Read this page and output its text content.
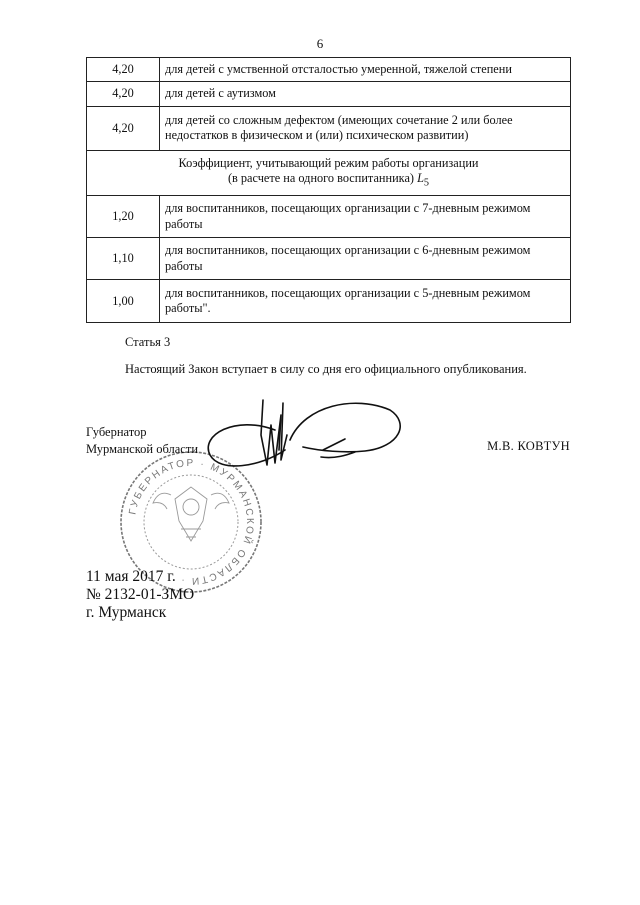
6
4,20	для детей с умственной отсталостью умеренной, тяжелой степени
4,20	для детей с аутизмом
4,20	для детей со сложным дефектом (имеющих сочетание 2 или более недостатков в физическом и (или) психическом развитии)
Коэффициент, учитывающий режим работы организации
(в расчете на одного воспитанника) $L_5$
1,20	для воспитанников, посещающих организации с 7-дневным режимом работы
1,10	для воспитанников, посещающих организации с 6-дневным режимом работы
1,00	для воспитанников, посещающих организации с 5-дневным режимом работы".
Статья 3
Настоящий Закон вступает в силу со дня его официального опубликования.
ГУБЕРНАТОР · МУРМАНСКОЙ ОБЛАСТИ ·
Губернатор
Мурманской области	М.В. КОВТУН
11 мая 2017 г.
№ 2132-01-ЗМО
г. Мурманск
